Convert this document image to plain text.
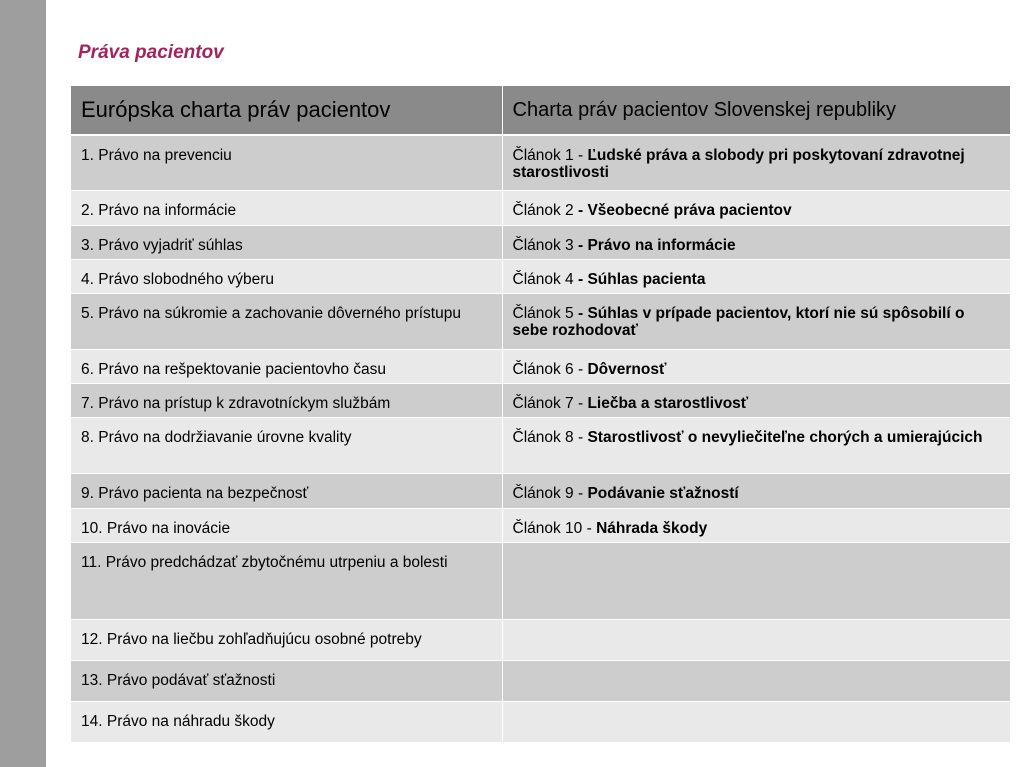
Práva pacientov
Európska charta práv pacientov	Charta práv pacientov Slovenskej republiky

1. Právo na prevenciu	Článok 1 - Ľudské práva a slobody pri poskytovaní zdravotnej starostlivosti

2. Právo na informácie	Článok 2 - Všeobecné práva pacientov

3. Právo vyjadriť súhlas	Článok 3 - Právo na informácie

4. Právo slobodného výberu	Článok 4 - Súhlas pacienta

5. Právo na súkromie a zachovanie dôverného prístupu	Článok 5 - Súhlas v prípade pacientov, ktorí nie sú spôsobilí o sebe rozhodovať

6. Právo na rešpektovanie pacientovho času	Článok 6 - Dôvernosť

7. Právo na prístup k zdravotníckym službám	Článok 7 - Liečba a starostlivosť

8. Právo na dodržiavanie úrovne kvality	Článok 8 - Starostlivosť o nevyliečiteľne chorých a umierajúcich

9. Právo pacienta na bezpečnosť	Článok 9 - Podávanie sťažností

10. Právo na inovácie	Článok 10 - Náhrada škody

11. Právo predchádzať zbytočnému utrpeniu a bolesti	

12. Právo na liečbu zohľadňujúcu osobné potreby	

13. Právo podávať sťažnosti	

14. Právo na náhradu škody	
